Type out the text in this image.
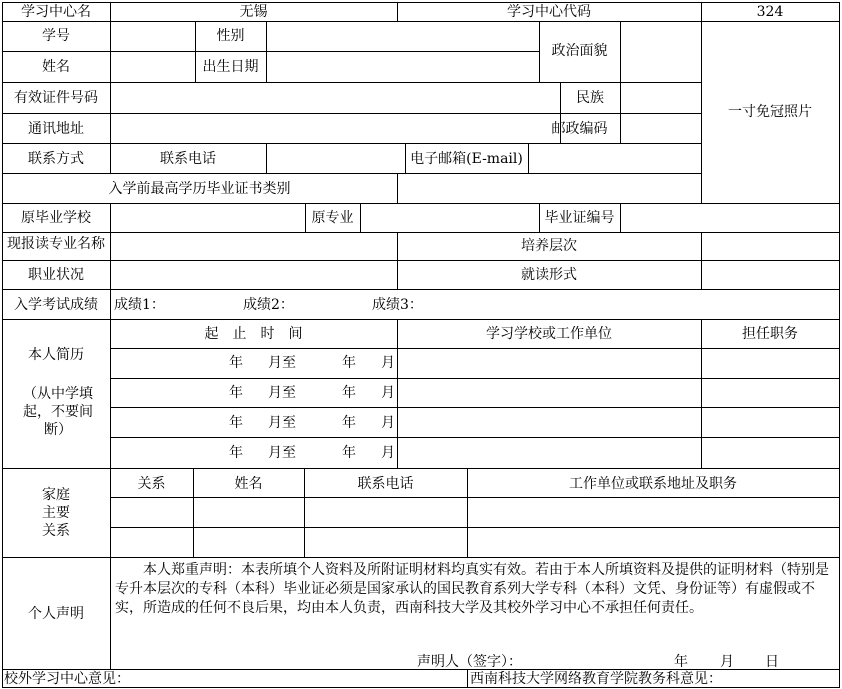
学习中心名	无锡	学习中心代码	324
学号	性别
政治面貌
姓名	出生日期
有效证件号码	民族
一寸免冠照片
通讯地址	邮政编码
联系方式	联系电话	电子邮箱(E-mail)
入学前最高学历毕业证书类别
原毕业学校	原专业	毕业证编号
现报读专业名称	培养层次
职业状况	就读形式
入学考试成绩	成绩1：	成绩2：	成绩3：
本人简历
（从中学填起，不要间断）
起　止　时　间	学习学校或工作单位	担任职务
年 月至	年 月
年 月至	年 月
年 月至	年 月
年 月至	年 月
家庭
主要
关系
关系	姓名	联系电话	工作单位或联系地址及职务
个人声明
本人郑重声明：本表所填个人资料及所附证明材料均真实有效。若由于本人所填资料及提供的证明材料（特别是专升本层次的专科（本科）毕业证必须是国家承认的国民教育系列大学专科（本科）文凭、身份证等）有虚假或不实，所造成的任何不良后果，均由本人负责，西南科技大学及其校外学习中心不承担任何责任。
声明人（签字）：	年 月 日
校外学习中心意见：	西南科技大学网络教育学院教务科意见：
